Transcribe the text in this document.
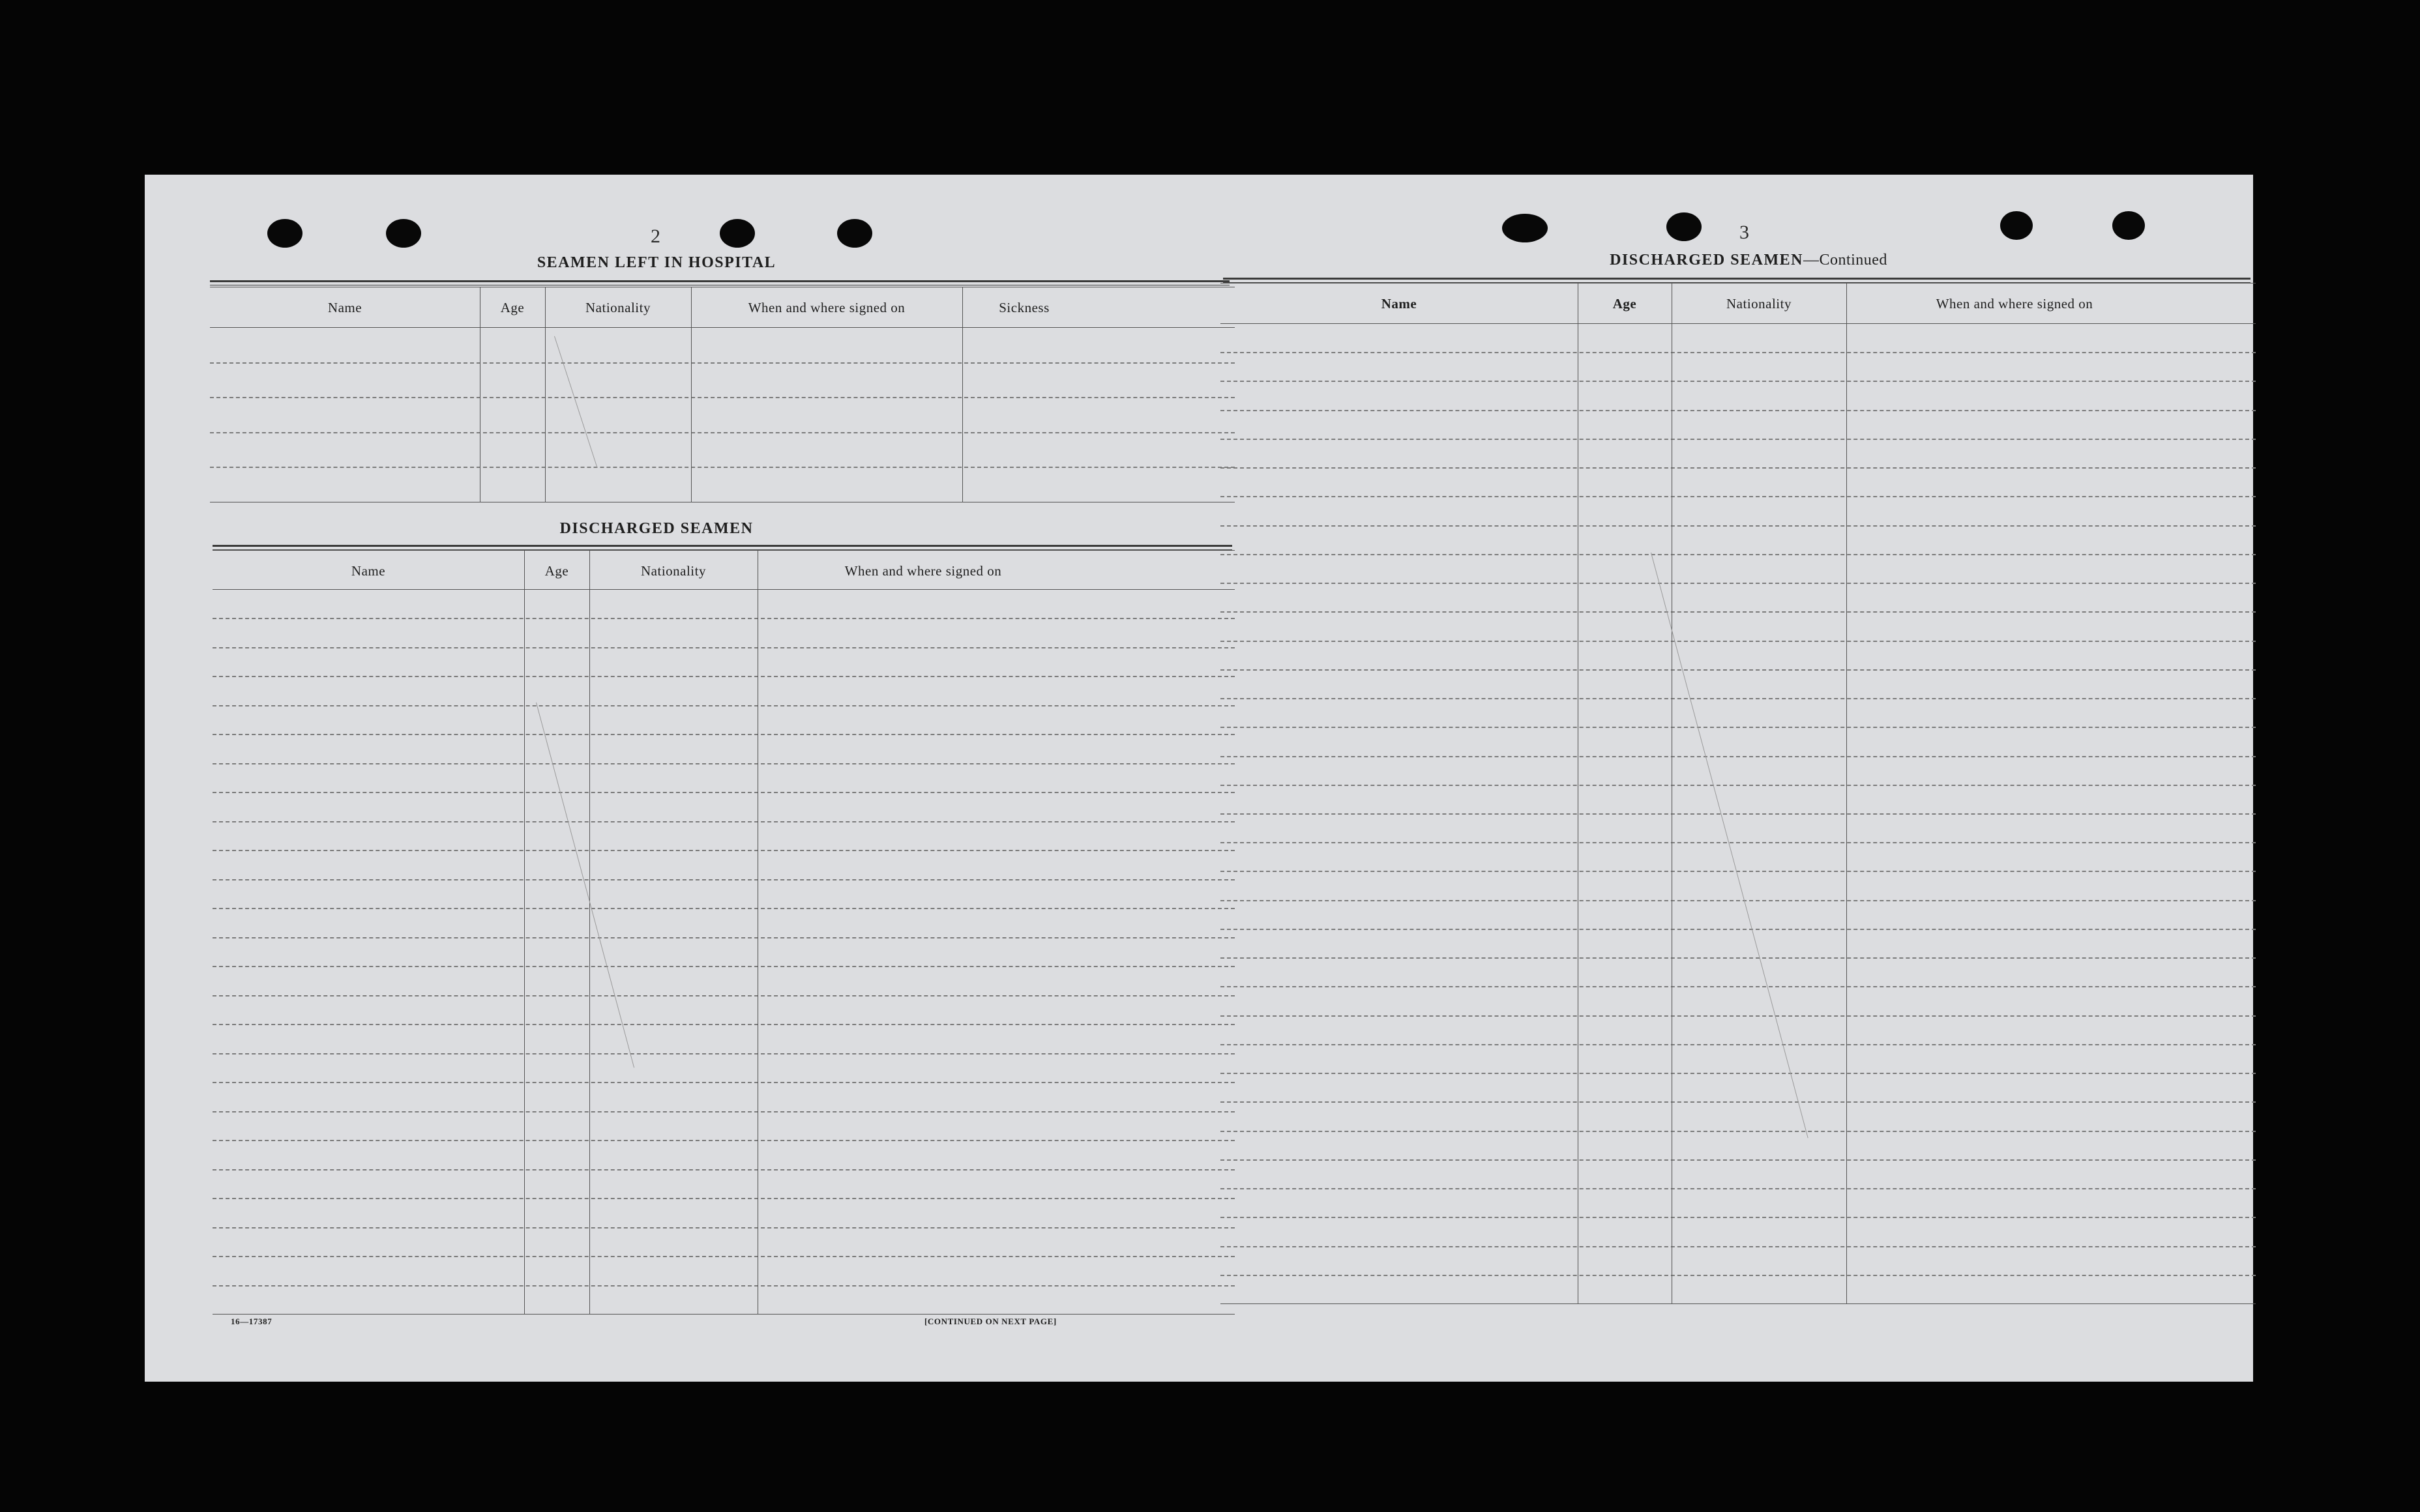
2
SEAMEN LEFT IN HOSPITAL
Name	Age	Nationality	When and where signed on	Sickness
DISCHARGED SEAMEN
Name	Age	Nationality	When and where signed on
16—17387	[CONTINUED ON NEXT PAGE]
3
DISCHARGED SEAMEN—Continued
Name	Age	Nationality	When and where signed on
